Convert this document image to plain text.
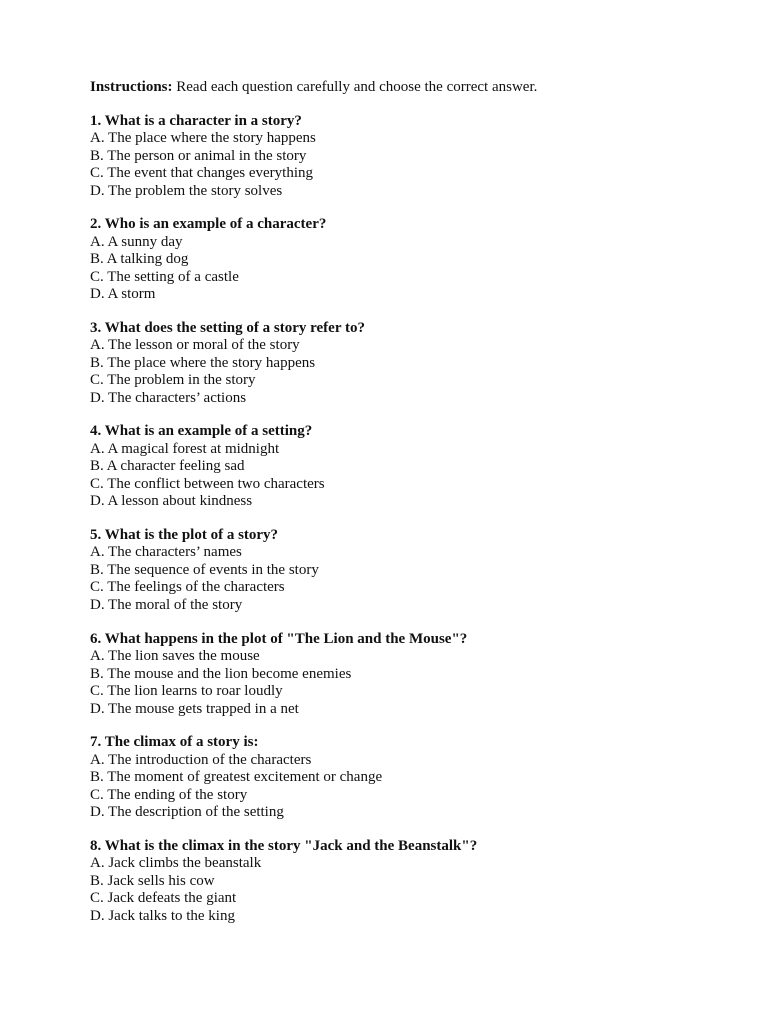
Instructions: Read each question carefully and choose the correct answer.

1. What is a character in a story?
A. The place where the story happens
B. The person or animal in the story
C. The event that changes everything
D. The problem the story solves
2. Who is an example of a character?
A. A sunny day
B. A talking dog
C. The setting of a castle
D. A storm
3. What does the setting of a story refer to?
A. The lesson or moral of the story
B. The place where the story happens
C. The problem in the story
D. The characters’ actions
4. What is an example of a setting?
A. A magical forest at midnight
B. A character feeling sad
C. The conflict between two characters
D. A lesson about kindness
5. What is the plot of a story?
A. The characters’ names
B. The sequence of events in the story
C. The feelings of the characters
D. The moral of the story
6. What happens in the plot of "The Lion and the Mouse"?
A. The lion saves the mouse
B. The mouse and the lion become enemies
C. The lion learns to roar loudly
D. The mouse gets trapped in a net
7. The climax of a story is:
A. The introduction of the characters
B. The moment of greatest excitement or change
C. The ending of the story
D. The description of the setting
8. What is the climax in the story "Jack and the Beanstalk"?
A. Jack climbs the beanstalk
B. Jack sells his cow
C. Jack defeats the giant
D. Jack talks to the king
